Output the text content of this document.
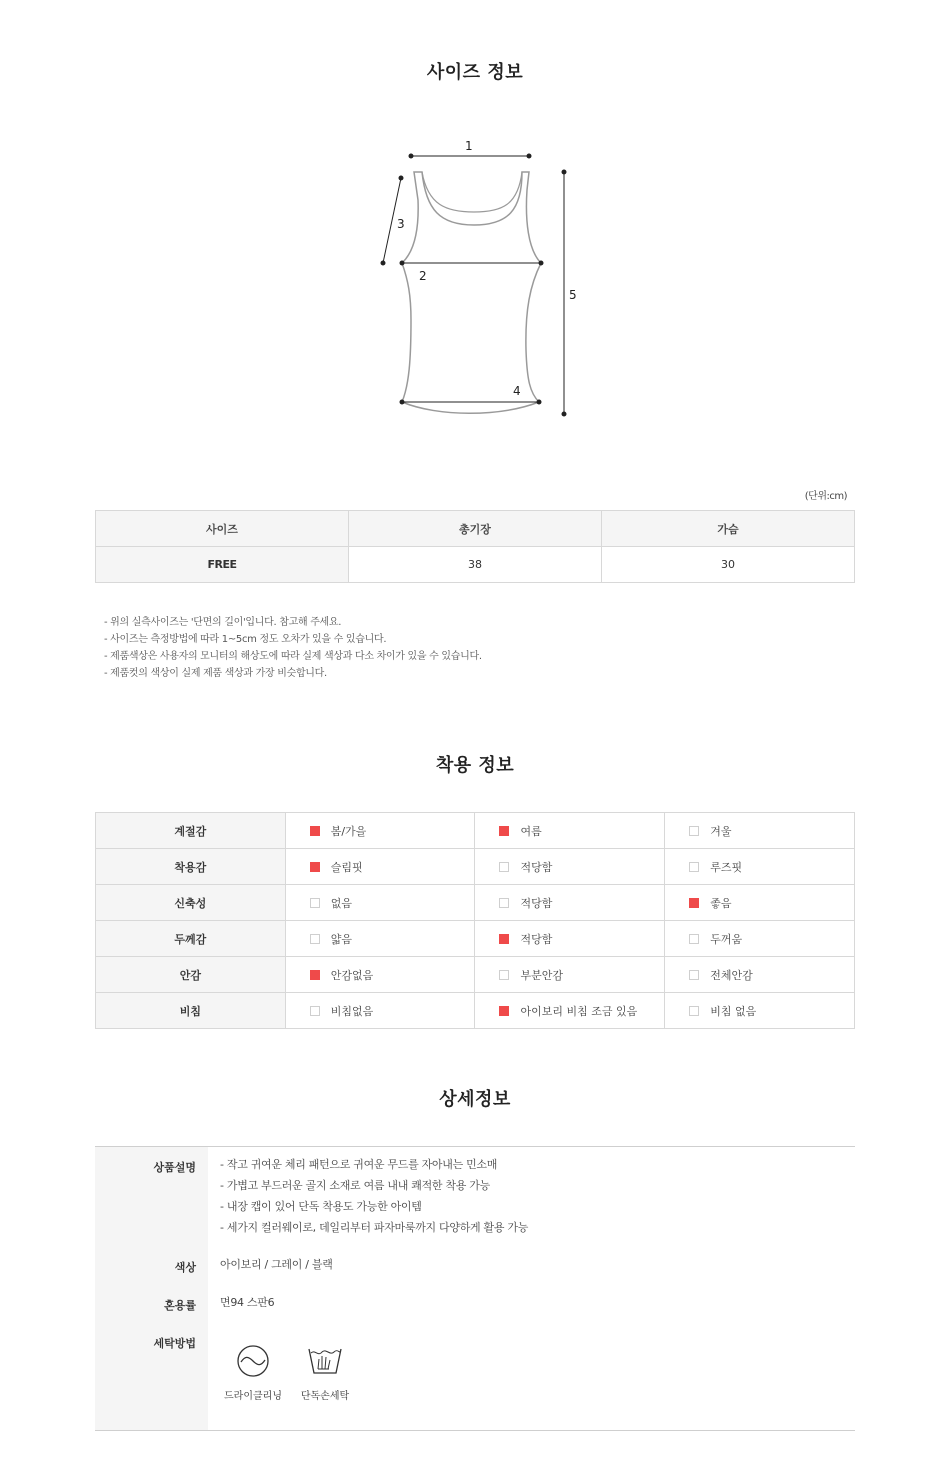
사이즈 정보
1
2
3
4
5
(단위:cm)
사이즈	총기장	가슴
FREE	38	30
- 위의 실측사이즈는 '단면의 길이'입니다. 참고해 주세요.
- 사이즈는 측정방법에 따라 1~5cm 정도 오차가 있을 수 있습니다.
- 제품색상은 사용자의 모니터의 해상도에 따라 실제 색상과 다소 차이가 있을 수 있습니다.
- 제품컷의 색상이 실제 제품 색상과 가장 비슷합니다.
착용 정보
계절감	봄/가을	여름	겨울
착용감	슬림핏	적당함	루즈핏
신축성	없음	적당함	좋음
두께감	얇음	적당함	두꺼움
안감	안감없음	부분안감	전체안감
비침	비침없음	아이보리 비침 조금 있음	비침 없음
상세정보
상품설명 - 작고 귀여운 체리 패턴으로 귀여운 무드를 자아내는 민소매
- 가볍고 부드러운 골지 소재로 여름 내내 쾌적한 착용 가능
- 내장 캡이 있어 단독 착용도 가능한 아이템
- 세가지 컬러웨이로, 데일리부터 파자마룩까지 다양하게 활용 가능
색상 아이보리 / 그레이 / 블랙
혼용률 면94 스판6
세탁방법
드라이클리닝	단독손세탁
